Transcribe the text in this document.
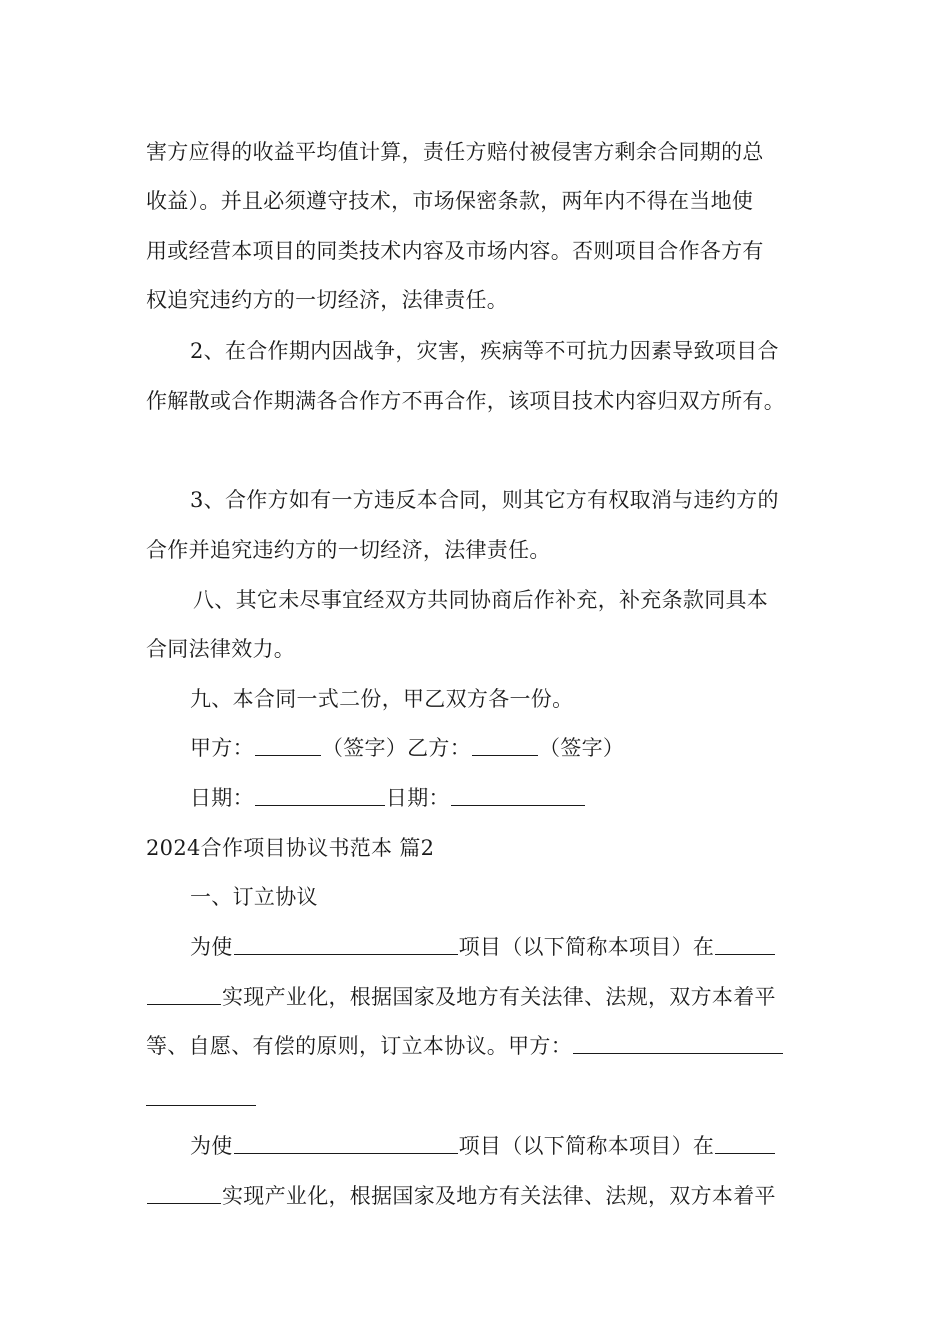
害方应得的收益平均值计算，责任方赔付被侵害方剩余合同期的总
收益）。并且必须遵守技术，市场保密条款，两年内不得在当地使
用或经营本项目的同类技术内容及市场内容。否则项目合作各方有
权追究违约方的一切经济，法律责任。
2、在合作期内因战争，灾害，疾病等不可抗力因素导致项目合
作解散或合作期满各合作方不再合作，该项目技术内容归双方所有。
3、合作方如有一方违反本合同，则其它方有权取消与违约方的
合作并追究违约方的一切经济，法律责任。
八、其它未尽事宜经双方共同协商后作补充，补充条款同具本
合同法律效力。
九、本合同一式二份，甲乙双方各一份。
甲方：	（签字）乙方：	（签字）
日期：	日期：
2024合作项目协议书范本 篇2
一、订立协议
为使	项目（以下简称本项目）在
实现产业化，根据国家及地方有关法律、法规，双方本着平
等、自愿、有偿的原则，订立本协议。甲方：
为使	项目（以下简称本项目）在
实现产业化，根据国家及地方有关法律、法规，双方本着平
